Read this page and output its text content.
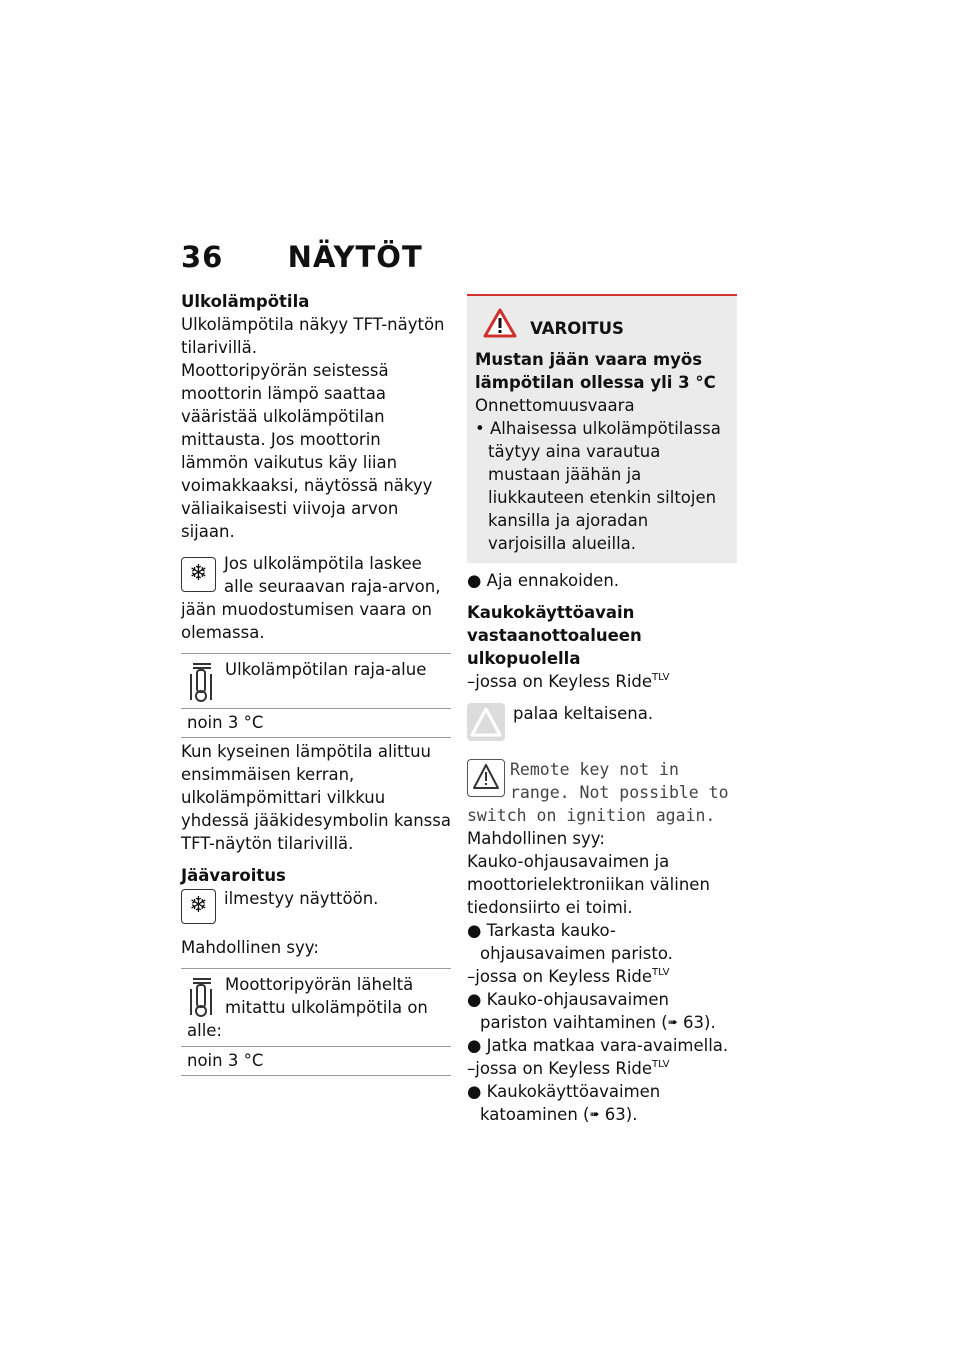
36 NÄYTÖT

Ulkolämpötila

Ulkolämpötila näkyy TFT-näytön tilarivillä.

Moottoripyörän seistessä moottorin lämpö saattaa vääristää ulkolämpötilan mittausta. Jos moottorin lämmön vaikutus käy liian voimakkaaksi, näytössä näkyy väliaikaisesti viivoja arvon sijaan.

❄ Jos ulkolämpötila laskee alle seuraavan raja-arvon, jään muodostumisen vaara on olemassa.

Ulkolämpötilan raja-alue

noin 3 °C

Kun kyseinen lämpötila alittuu ensimmäisen kerran, ulkolämpömittari vilkkuu yhdessä jääkidesymbolin kanssa TFT-näytön tilarivillä.

Jäävaroitus

❄ ilmestyy näyttöön.

Mahdollinen syy:

Moottoripyörän läheltä mitattu ulkolämpötila on alle:

noin 3 °C
VAROITUS

Mustan jään vaara myös lämpötilan ollessa yli 3 °C

Onnettomuusvaara

• Alhaisessa ulkolämpötilassa täytyy aina varautua mustaan jäähän ja liukkauteen etenkin siltojen kansilla ja ajoradan varjoisilla alueilla.

● Aja ennakoiden.

Kaukokäyttöavain vastaanottoalueen ulkopuolella

–jossa on Keyless Ride$^{TLV}$

palaa keltaisena.

Remote key not in range. Not possible to switch on ignition again.

Mahdollinen syy:

Kauko-ohjausavaimen ja moottorielektroniikan välinen tiedonsiirto ei toimi.

● Tarkasta kauko-ohjausavaimen paristo.

–jossa on Keyless Ride$^{TLV}$

● Kauko-ohjausavaimen pariston vaihtaminen (➠ 63).

● Jatka matkaa vara-avaimella.

–jossa on Keyless Ride$^{TLV}$

● Kaukokäyttöavaimen katoaminen (➠ 63).
